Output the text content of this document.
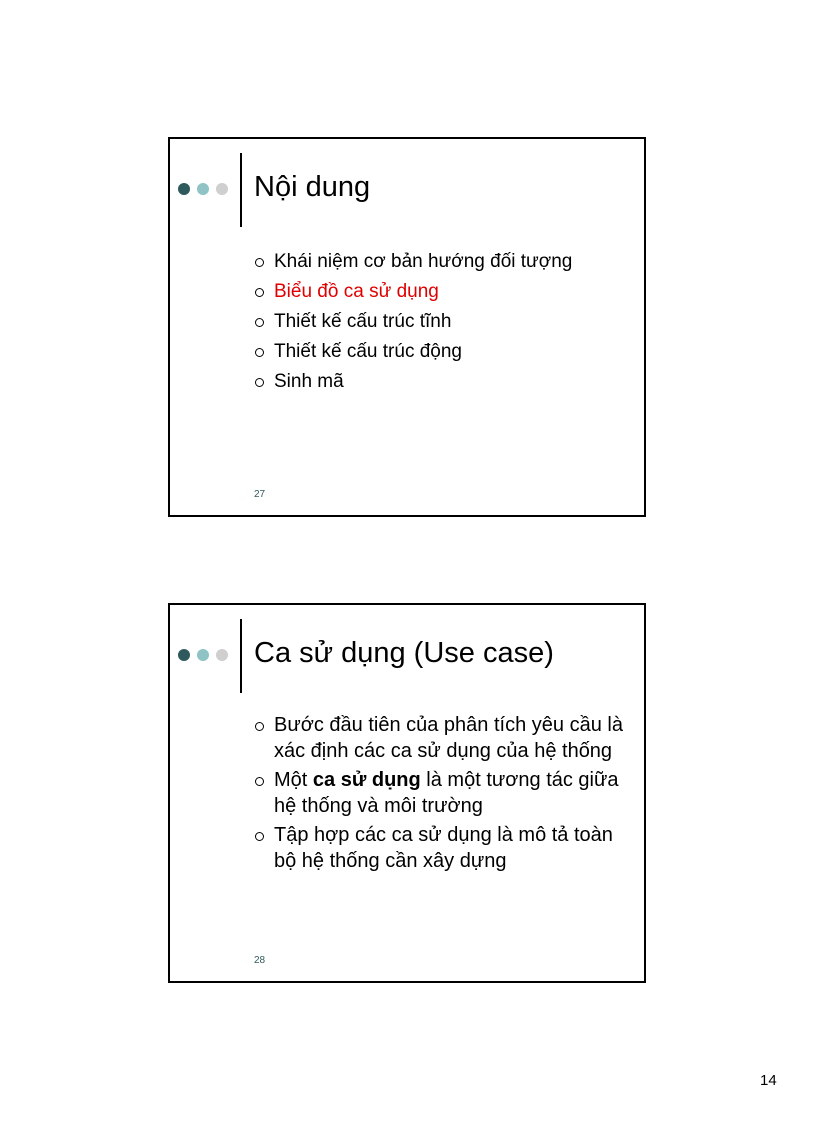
Nội dung
Khái niệm cơ bản hướng đối tượng
Biểu đồ ca sử dụng
Thiết kế cấu trúc tĩnh
Thiết kế cấu trúc động
Sinh mã
27
Ca sử dụng (Use case)
Bước đầu tiên của phân tích yêu cầu là xác định các ca sử dụng của hệ thống
Một ca sử dụng là một tương tác giữa hệ thống và môi trường
Tập hợp các ca sử dụng là mô tả toàn bộ hệ thống cần xây dựng
28
14
